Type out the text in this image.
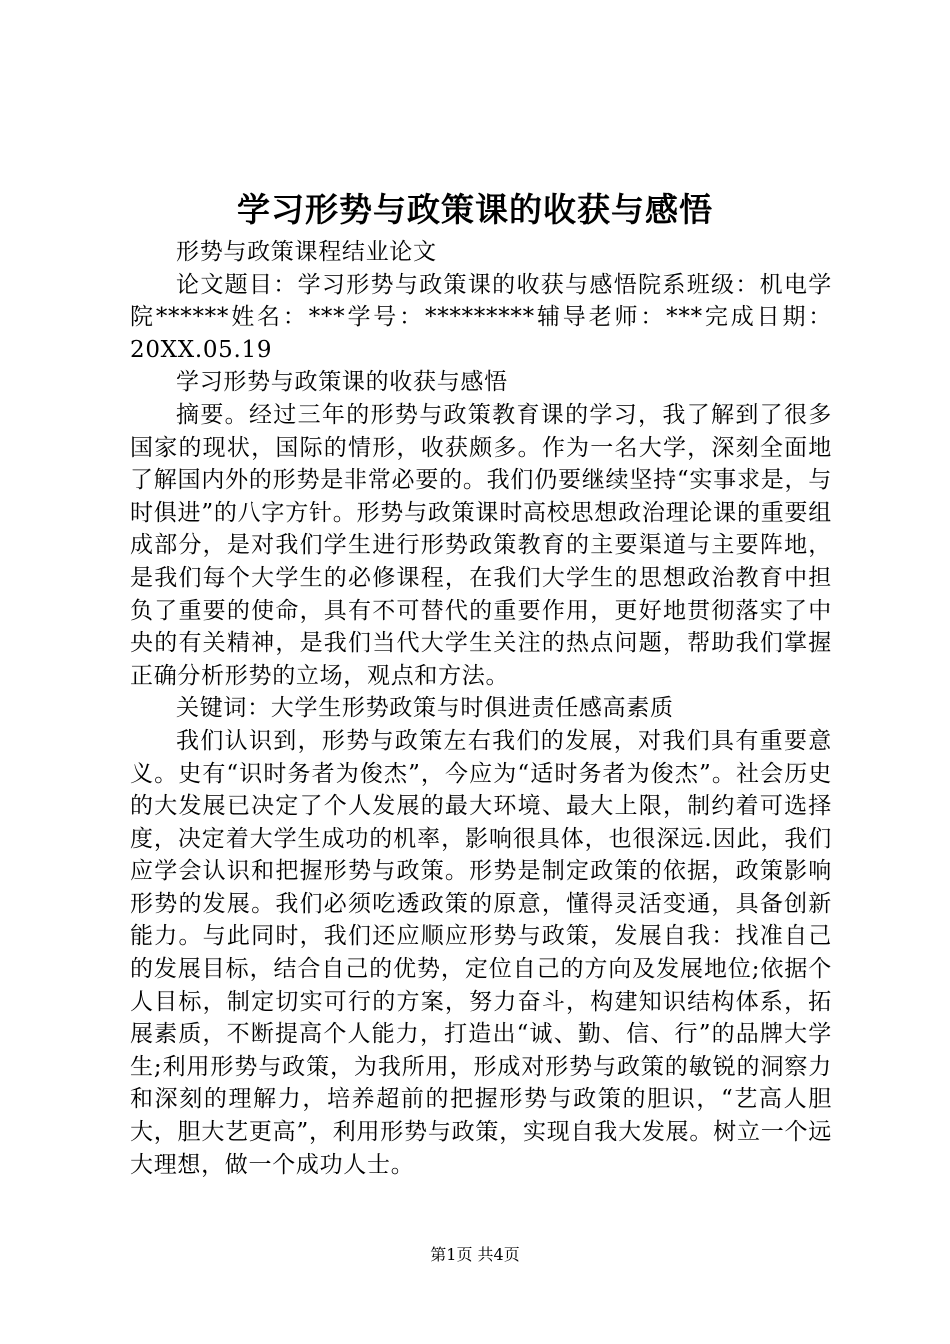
学习形势与政策课的收获与感悟

形势与政策课程结业论文

论文题目：学习形势与政策课的收获与感悟院系班级：机电学院******姓名：***学号：*********辅导老师：***完成日期：20XX.05.19

学习形势与政策课的收获与感悟

摘要。经过三年的形势与政策教育课的学习，我了解到了很多国家的现状，国际的情形，收获颇多。作为一名大学，深刻全面地了解国内外的形势是非常必要的。我们仍要继续坚持“实事求是，与时俱进”的八字方针。形势与政策课时高校思想政治理论课的重要组成部分，是对我们学生进行形势政策教育的主要渠道与主要阵地，是我们每个大学生的必修课程，在我们大学生的思想政治教育中担负了重要的使命，具有不可替代的重要作用，更好地贯彻落实了中央的有关精神，是我们当代大学生关注的热点问题，帮助我们掌握正确分析形势的立场，观点和方法。

关键词：大学生形势政策与时俱进责任感高素质

我们认识到，形势与政策左右我们的发展，对我们具有重要意义。史有“识时务者为俊杰”，今应为“适时务者为俊杰”。社会历史的大发展已决定了个人发展的最大环境、最大上限，制约着可选择度，决定着大学生成功的机率，影响很具体，也很深远.因此，我们应学会认识和把握形势与政策。形势是制定政策的依据，政策影响形势的发展。我们必须吃透政策的原意，懂得灵活变通，具备创新能力。与此同时，我们还应顺应形势与政策，发展自我：找准自己的发展目标，结合自己的优势，定位自己的方向及发展地位;依据个人目标，制定切实可行的方案，努力奋斗，构建知识结构体系，拓展素质，不断提高个人能力，打造出“诚、勤、信、行”的品牌大学生;利用形势与政策，为我所用，形成对形势与政策的敏锐的洞察力和深刻的理解力，培养超前的把握形势与政策的胆识，“艺高人胆大，胆大艺更高”，利用形势与政策，实现自我大发展。树立一个远大理想，做一个成功人士。

第1页 共4页
